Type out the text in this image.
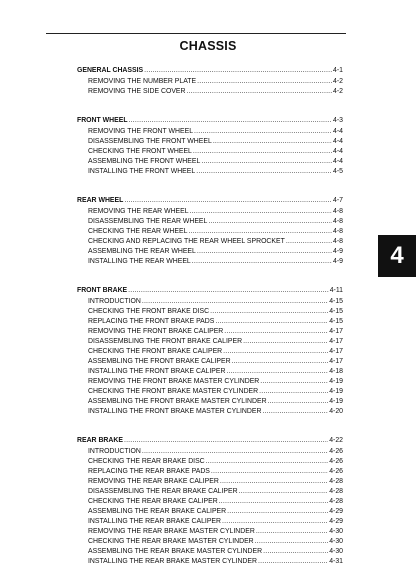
CHASSIS
GENERAL CHASSIS .....	4-1
REMOVING THE NUMBER PLATE .....	4-2
REMOVING THE SIDE COVER .....	4-2
FRONT WHEEL .....	4-3
REMOVING THE FRONT WHEEL .....	4-4
DISASSEMBLING THE FRONT WHEEL .....	4-4
CHECKING THE FRONT WHEEL .....	4-4
ASSEMBLING THE FRONT WHEEL .....	4-4
INSTALLING THE FRONT WHEEL .....	4-5
REAR WHEEL .....	4-7
REMOVING THE REAR WHEEL .....	4-8
DISASSEMBLING THE REAR WHEEL .....	4-8
CHECKING THE REAR WHEEL .....	4-8
CHECKING AND REPLACING THE REAR WHEEL SPROCKET .....	4-8
ASSEMBLING THE REAR WHEEL .....	4-9
INSTALLING THE REAR WHEEL .....	4-9
FRONT BRAKE .....	4-11
INTRODUCTION .....	4-15
CHECKING THE FRONT BRAKE DISC .....	4-15
REPLACING THE FRONT BRAKE PADS .....	4-15
REMOVING THE FRONT BRAKE CALIPER .....	4-17
DISASSEMBLING THE FRONT BRAKE CALIPER .....	4-17
CHECKING THE FRONT BRAKE CALIPER .....	4-17
ASSEMBLING THE FRONT BRAKE CALIPER .....	4-17
INSTALLING THE FRONT BRAKE CALIPER .....	4-18
REMOVING THE FRONT BRAKE MASTER CYLINDER .....	4-19
CHECKING THE FRONT BRAKE MASTER CYLINDER .....	4-19
ASSEMBLING THE FRONT BRAKE MASTER CYLINDER .....	4-19
INSTALLING THE FRONT BRAKE MASTER CYLINDER .....	4-20
REAR BRAKE .....	4-22
INTRODUCTION .....	4-26
CHECKING THE REAR BRAKE DISC .....	4-26
REPLACING THE REAR BRAKE PADS .....	4-26
REMOVING THE REAR BRAKE CALIPER .....	4-28
DISASSEMBLING THE REAR BRAKE CALIPER .....	4-28
CHECKING THE REAR BRAKE CALIPER .....	4-28
ASSEMBLING THE REAR BRAKE CALIPER .....	4-29
INSTALLING THE REAR BRAKE CALIPER .....	4-29
REMOVING THE REAR BRAKE MASTER CYLINDER .....	4-30
CHECKING THE REAR BRAKE MASTER CYLINDER .....	4-30
ASSEMBLING THE REAR BRAKE MASTER CYLINDER .....	4-30
INSTALLING THE REAR BRAKE MASTER CYLINDER .....	4-31
4
